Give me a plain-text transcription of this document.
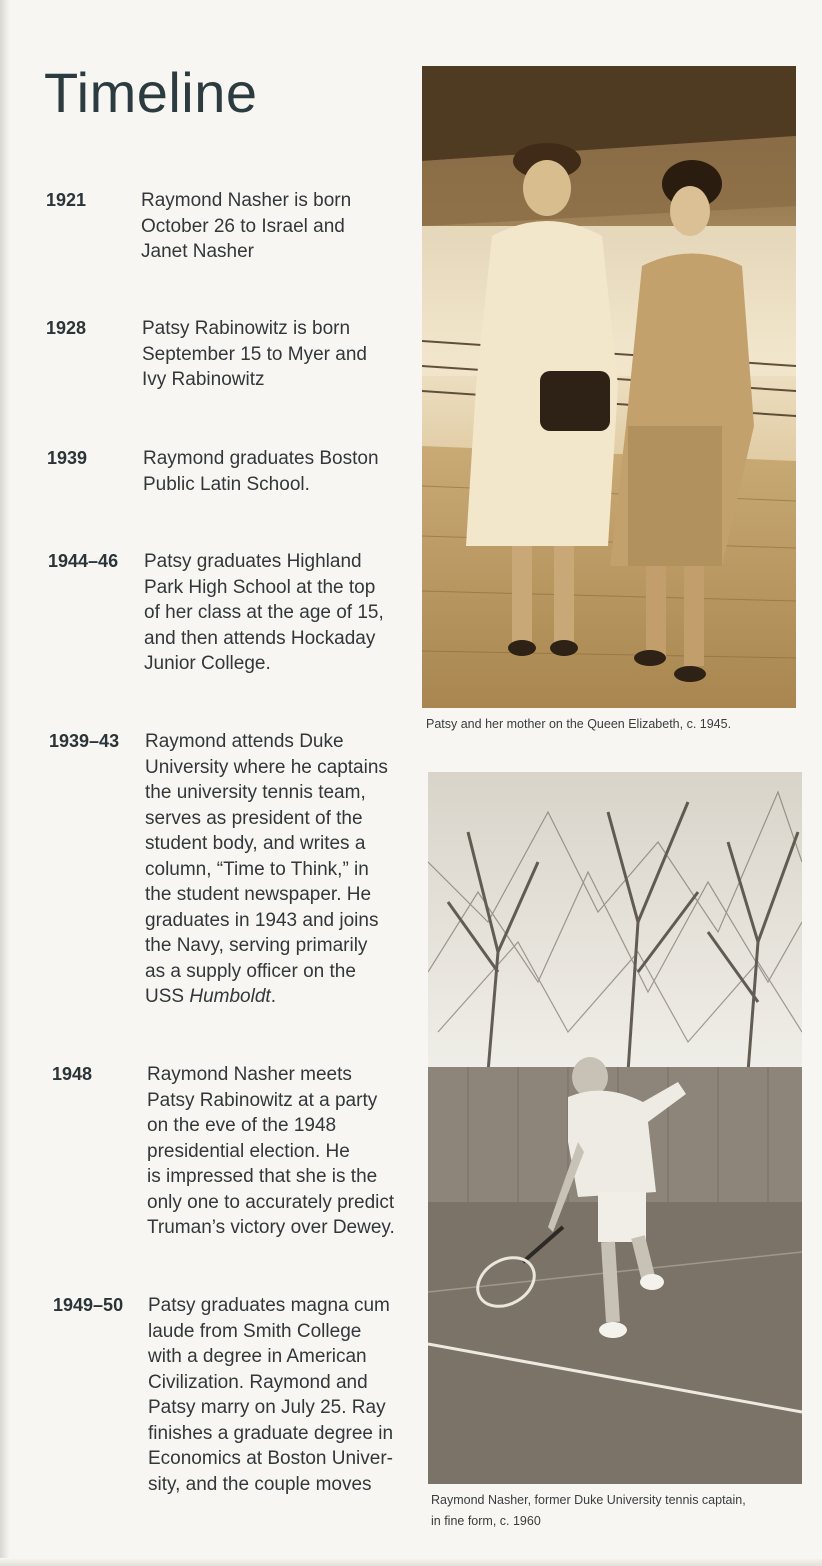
Timeline
1921	Raymond Nasher is born
October 26 to Israel and
Janet Nasher
1928	Patsy Rabinowitz is born
September 15 to Myer and
Ivy Rabinowitz
1939	Raymond graduates Boston
Public Latin School.
1944–46 Patsy graduates Highland
Park High School at the top
of her class at the age of 15,
and then attends Hockaday
Junior College.
1939–43 Raymond attends Duke
University where he captains
the university tennis team,
serves as president of the
student body, and writes a
column, “Time to Think,” in
the student newspaper. He
graduates in 1943 and joins
the Navy, serving primarily
as a supply officer on the
USS Humboldt.
1948	Raymond Nasher meets
Patsy Rabinowitz at a party
on the eve of the 1948
presidential election. He
is impressed that she is the
only one to accurately predict
Truman’s victory over Dewey.
1949–50 Patsy graduates magna cum
laude from Smith College
with a degree in American
Civilization. Raymond and
Patsy marry on July 25. Ray
finishes a graduate degree in
Economics at Boston Univer-
sity, and the couple moves
Patsy and her mother on the Queen Elizabeth, c. 1945.
Raymond Nasher, former Duke University tennis captain,
in fine form, c. 1960
